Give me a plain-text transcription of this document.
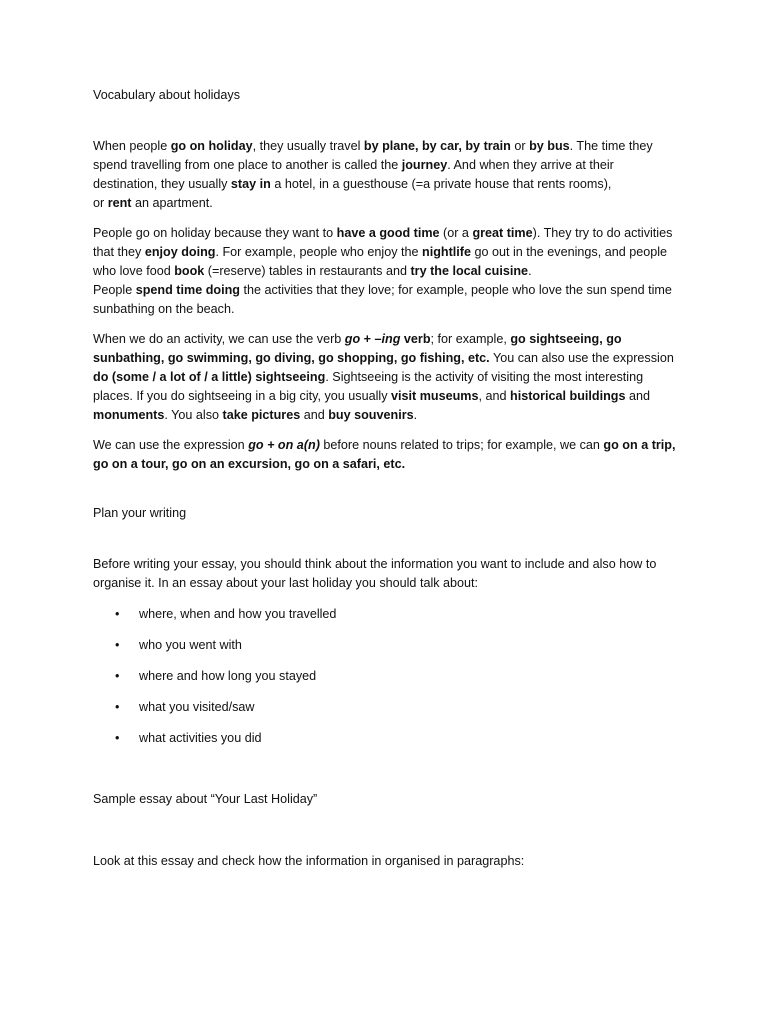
Vocabulary about holidays

When people go on holiday, they usually travel by plane, by car, by train or by bus. The time they spend travelling from one place to another is called the journey. And when they arrive at their destination, they usually stay in a hotel, in a guesthouse (=a private house that rents rooms),
or rent an apartment.

People go on holiday because they want to have a good time (or a great time). They try to do activities that they enjoy doing. For example, people who enjoy the nightlife go out in the evenings, and people who love food book (=reserve) tables in restaurants and try the local cuisine.
People spend time doing the activities that they love; for example, people who love the sun spend time sunbathing on the beach.

When we do an activity, we can use the verb go + –ing verb; for example, go sightseeing, go sunbathing, go swimming, go diving, go shopping, go fishing, etc. You can also use the expression do (some / a lot of / a little) sightseeing. Sightseeing is the activity of visiting the most interesting places. If you do sightseeing in a big city, you usually visit museums, and historical buildings and monuments. You also take pictures and buy souvenirs.

We can use the expression go + on a(n) before nouns related to trips; for example, we can go on a trip, go on a tour, go on an excursion, go on a safari, etc.

Plan your writing

Before writing your essay, you should think about the information you want to include and also how to organise it. In an essay about your last holiday you should talk about:

• where, when and how you travelled
• who you went with
• where and how long you stayed
• what you visited/saw
• what activities you did
Sample essay about “Your Last Holiday”

Look at this essay and check how the information in organised in paragraphs:
